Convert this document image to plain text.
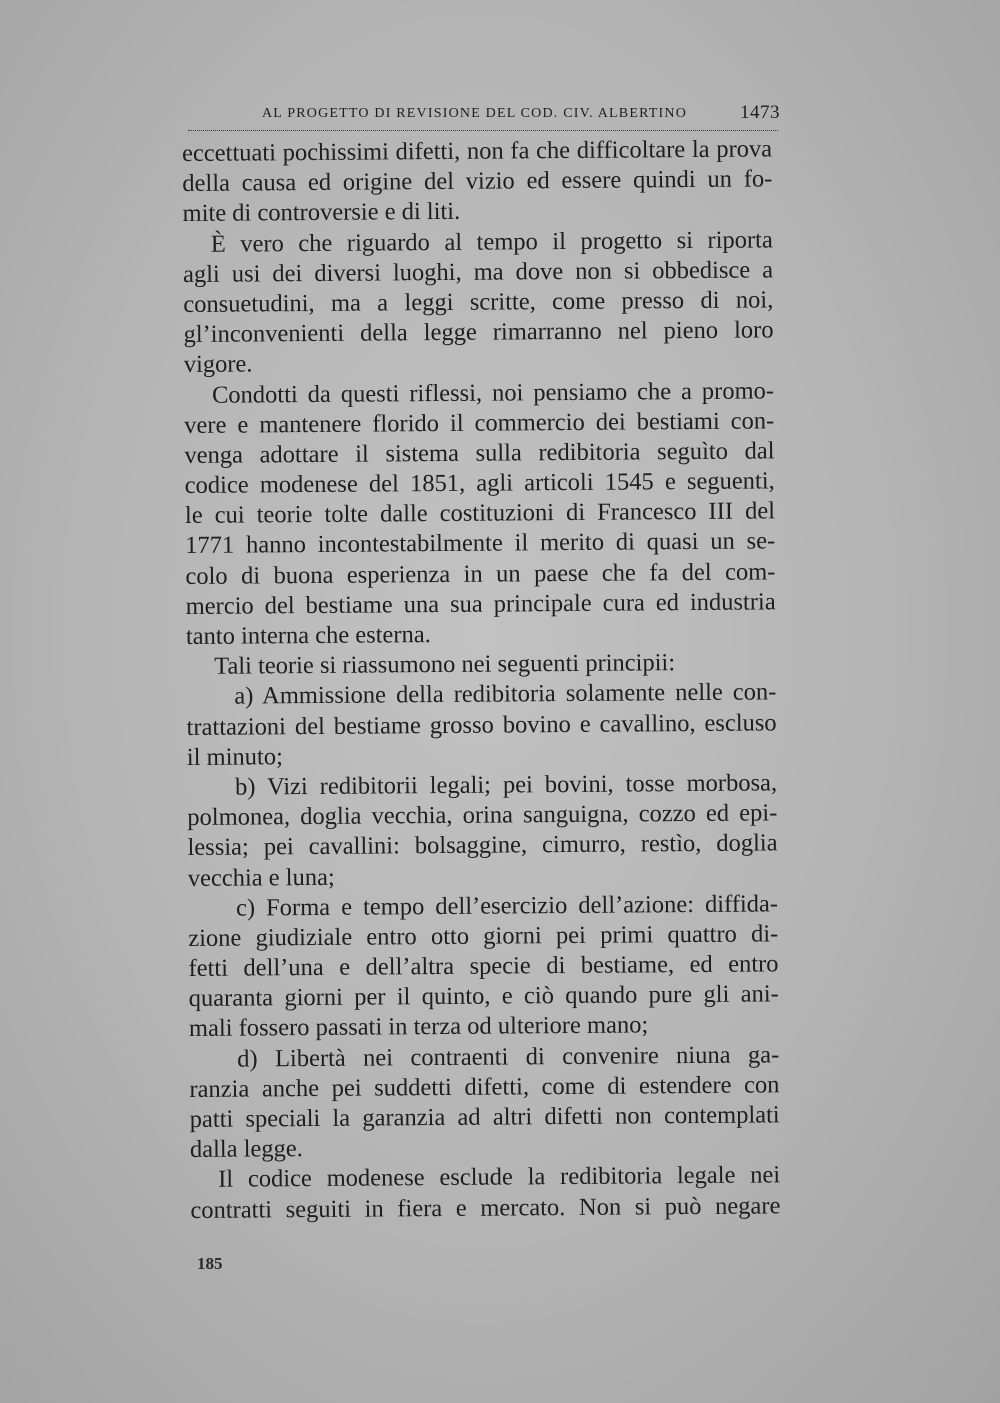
AL PROGETTO DI REVISIONE DEL COD. CIV. ALBERTINO	1473
eccettuati pochissimi difetti, non fa che difficoltare la prova
della causa ed origine del vizio ed essere quindi un fo-
mite di controversie e di liti.
È vero che riguardo al tempo il progetto si riporta
agli usi dei diversi luoghi, ma dove non si obbedisce a
consuetudini, ma a leggi scritte, come presso di noi,
gl’inconvenienti della legge rimarranno nel pieno loro
vigore.
Condotti da questi riflessi, noi pensiamo che a promo-
vere e mantenere florido il commercio dei bestiami con-
venga adottare il sistema sulla redibitoria seguìto dal
codice modenese del 1851, agli articoli 1545 e seguenti,
le cui teorie tolte dalle costituzioni di Francesco III del
1771 hanno incontestabilmente il merito di quasi un se-
colo di buona esperienza in un paese che fa del com-
mercio del bestiame una sua principale cura ed industria
tanto interna che esterna.
Tali teorie si riassumono nei seguenti principii:
a) Ammissione della redibitoria solamente nelle con-
trattazioni del bestiame grosso bovino e cavallino, escluso
il minuto;
b) Vizi redibitorii legali; pei bovini, tosse morbosa,
polmonea, doglia vecchia, orina sanguigna, cozzo ed epi-
lessia; pei cavallini: bolsaggine, cimurro, restìo, doglia
vecchia e luna;
c) Forma e tempo dell’esercizio dell’azione: diffida-
zione giudiziale entro otto giorni pei primi quattro di-
fetti dell’una e dell’altra specie di bestiame, ed entro
quaranta giorni per il quinto, e ciò quando pure gli ani-
mali fossero passati in terza od ulteriore mano;
d) Libertà nei contraenti di convenire niuna ga-
ranzia anche pei suddetti difetti, come di estendere con
patti speciali la garanzia ad altri difetti non contemplati
dalla legge.
Il codice modenese esclude la redibitoria legale nei
contratti seguiti in fiera e mercato. Non si può negare
185
